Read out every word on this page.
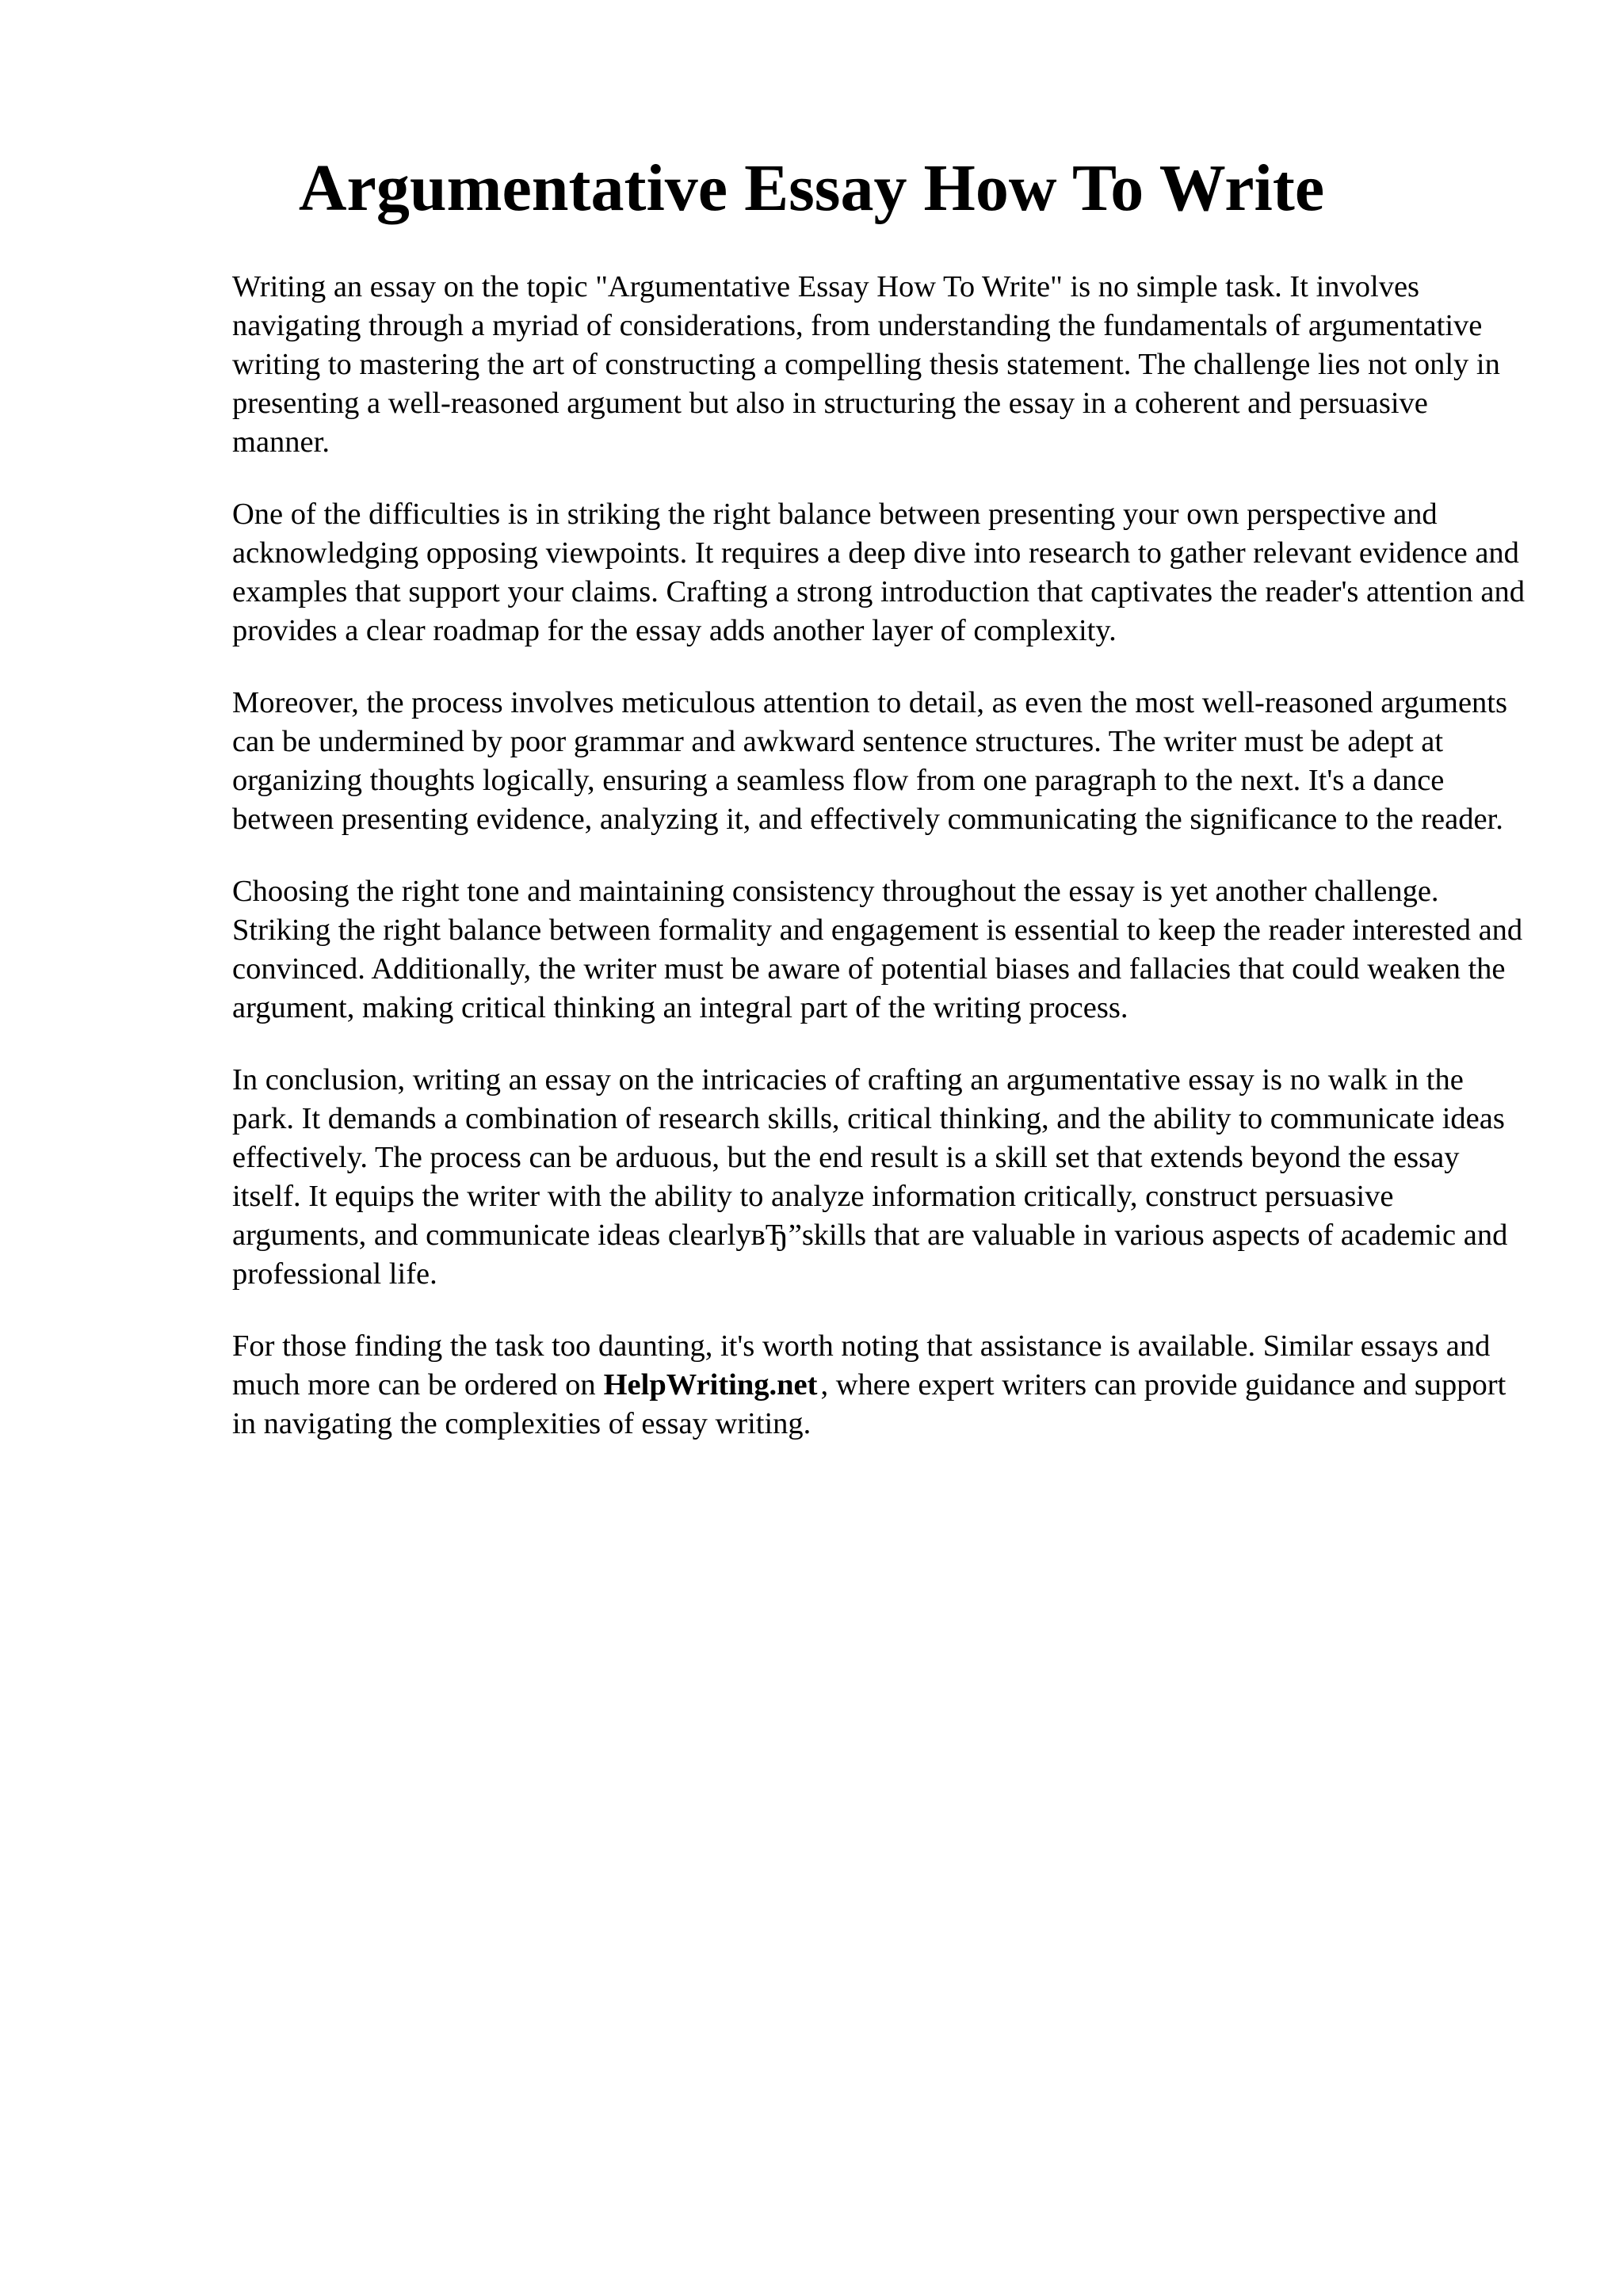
Argumentative Essay How To Write

Writing an essay on the topic "Argumentative Essay How To Write" is no simple task. It involves navigating through a myriad of considerations, from understanding the fundamentals of argumentative writing to mastering the art of constructing a compelling thesis statement. The challenge lies not only in presenting a well-reasoned argument but also in structuring the essay in a coherent and persuasive manner.

One of the difficulties is in striking the right balance between presenting your own perspective and acknowledging opposing viewpoints. It requires a deep dive into research to gather relevant evidence and examples that support your claims. Crafting a strong introduction that captivates the reader's attention and provides a clear roadmap for the essay adds another layer of complexity.

Moreover, the process involves meticulous attention to detail, as even the most well-reasoned arguments can be undermined by poor grammar and awkward sentence structures. The writer must be adept at organizing thoughts logically, ensuring a seamless flow from one paragraph to the next. It's a dance between presenting evidence, analyzing it, and effectively communicating the significance to the reader.

Choosing the right tone and maintaining consistency throughout the essay is yet another challenge. Striking the right balance between formality and engagement is essential to keep the reader interested and convinced. Additionally, the writer must be aware of potential biases and fallacies that could weaken the argument, making critical thinking an integral part of the writing process.

In conclusion, writing an essay on the intricacies of crafting an argumentative essay is no walk in the park. It demands a combination of research skills, critical thinking, and the ability to communicate ideas effectively. The process can be arduous, but the end result is a skill set that extends beyond the essay itself. It equips the writer with the ability to analyze information critically, construct persuasive arguments, and communicate ideas clearlyвЂ”skills that are valuable in various aspects of academic and professional life.

For those finding the task too daunting, it's worth noting that assistance is available. Similar essays and much more can be ordered on HelpWriting.net , where expert writers can provide guidance and support in navigating the complexities of essay writing.
